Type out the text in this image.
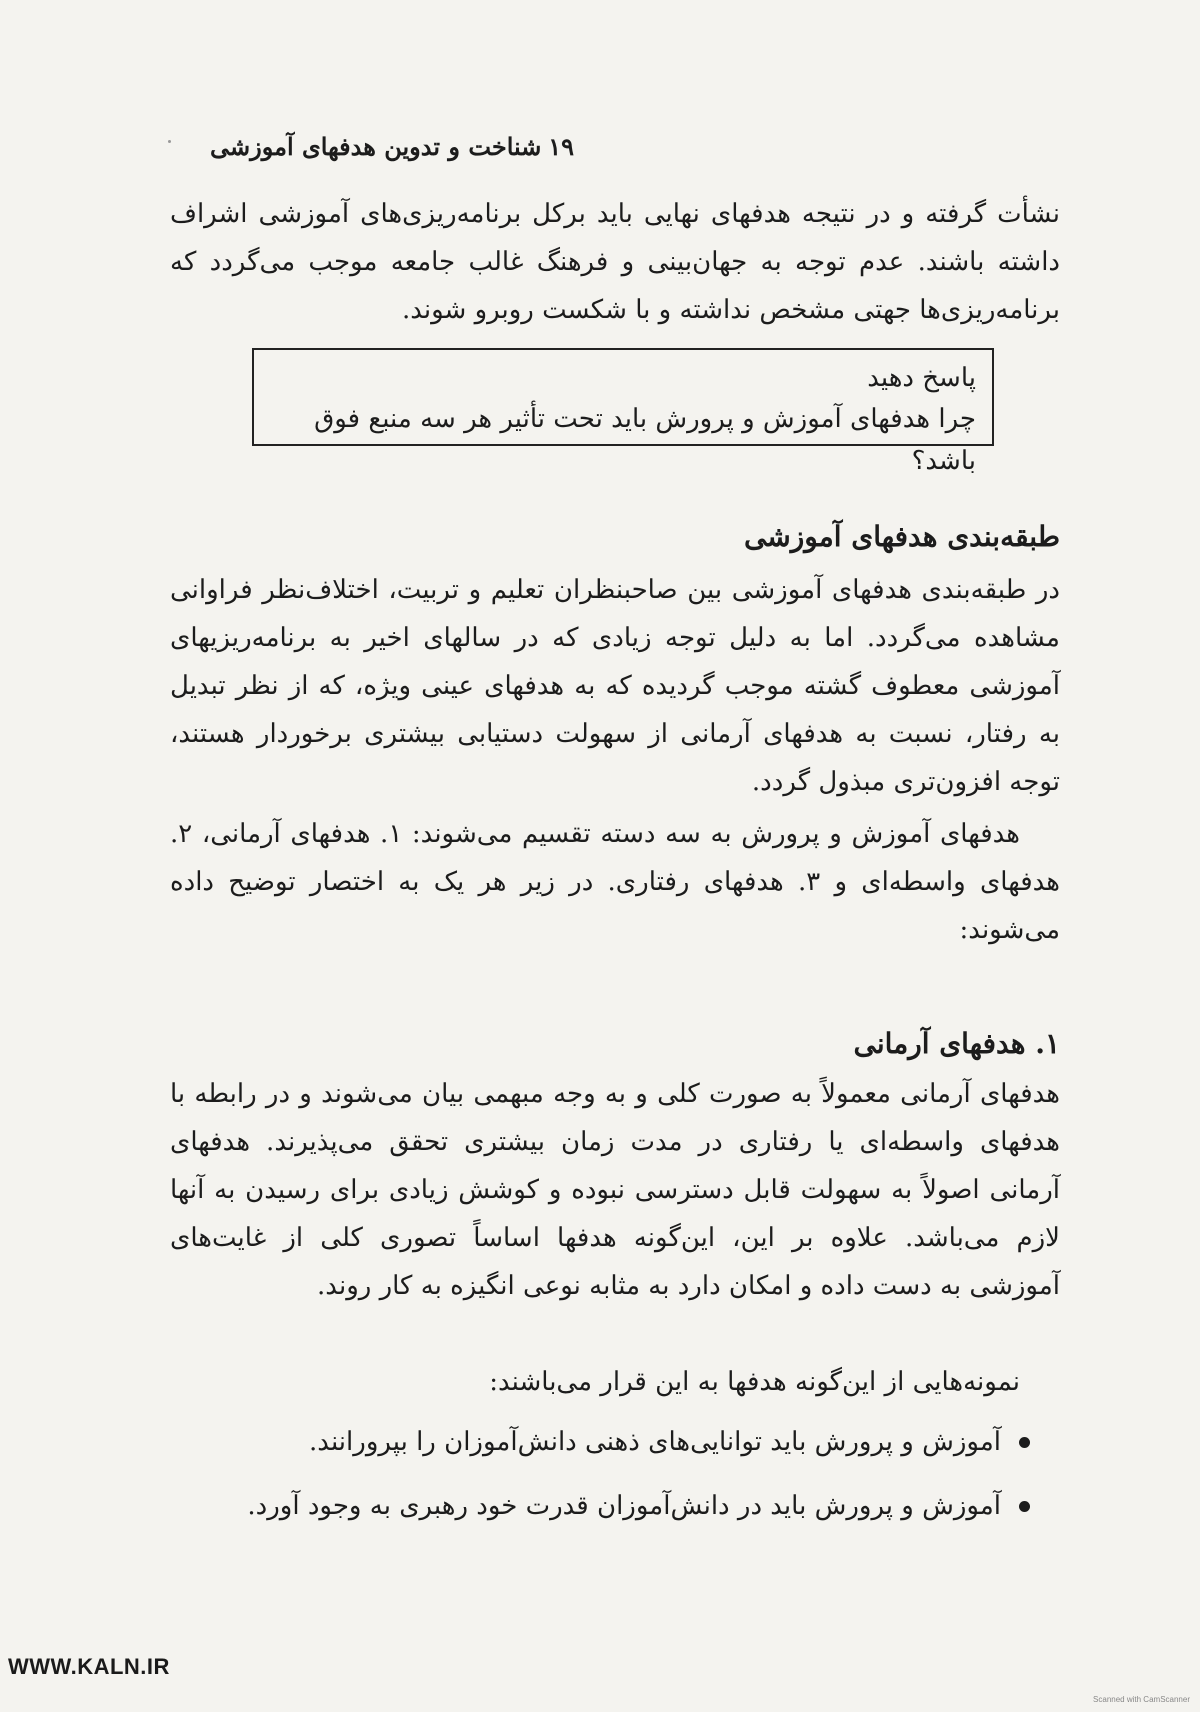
شناخت و تدوین هدفهای آموزشی ۱۹

نشأت گرفته و در نتیجه هدفهای نهایی باید برکل برنامه‌ریزی‌های آموزشی اشراف داشته باشند. عدم توجه به جهان‌بینی و فرهنگ غالب جامعه موجب می‌گردد که برنامه‌ریزی‌ها جهتی مشخص نداشته و با شکست روبرو شوند.

پاسخ دهید
چرا هدفهای آموزش و پرورش باید تحت تأثیر هر سه منبع فوق باشد؟
طبقه‌بندی هدفهای آموزشی

در طبقه‌بندی هدفهای آموزشی بین صاحبنظران تعلیم و تربیت، اختلاف‌نظر فراوانی مشاهده می‌گردد. اما به دلیل توجه زیادی که در سالهای اخیر به برنامه‌ریزیهای آموزشی معطوف گشته موجب گردیده که به هدفهای عینی ویژه، که از نظر تبدیل به رفتار، نسبت به هدفهای آرمانی از سهولت دستیابی بیشتری برخوردار هستند، توجه افزون‌تری مبذول گردد.

هدفهای آموزش و پرورش به سه دسته تقسیم می‌شوند: ۱. هدفهای آرمانی، ۲. هدفهای واسطه‌ای و ۳. هدفهای رفتاری. در زیر هر یک به اختصار توضیح داده می‌شوند:

۱. هدفهای آرمانی

هدفهای آرمانی معمولاً به صورت کلی و به وجه مبهمی بیان می‌شوند و در رابطه با هدفهای واسطه‌ای یا رفتاری در مدت زمان بیشتری تحقق می‌پذیرند. هدفهای آرمانی اصولاً به سهولت قابل دسترسی نبوده و کوشش زیادی برای رسیدن به آنها لازم می‌باشد. علاوه بر این، این‌گونه هدفها اساساً تصوری کلی از غایت‌های آموزشی به دست داده و امکان دارد به مثابه نوعی انگیزه به کار روند.

نمونه‌هایی از این‌گونه هدفها به این قرار می‌باشند:

آموزش و پرورش باید توانایی‌های ذهنی دانش‌آموزان را بپرورانند.
آموزش و پرورش باید در دانش‌آموزان قدرت خود رهبری به وجود آورد.
WWW.KALN.IR
Scanned with CamScanner
